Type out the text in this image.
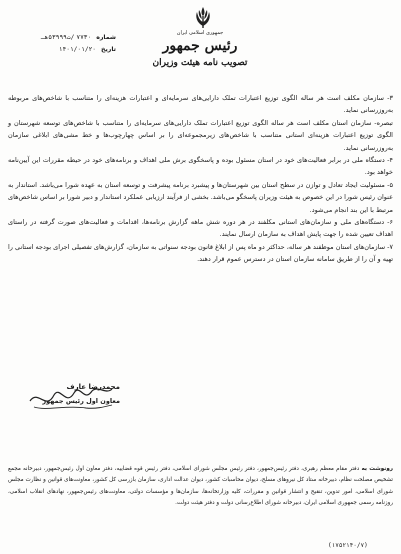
جمهوری اسلامی ایران
رئیس جمهور
تصویب نامه هیئت وزیران
شماره ۷۷۳۰ /ت۵۳۹۹۹هـ
تاریخ ۱۴۰۱/۰۱/۲۰

۳- سازمان مکلف است هر ساله الگوی توزیع اعتبارات تملک دارایی‌های سرمایه‌ای و اعتبارات هزینه‌ای را متناسب با شاخص‌های مربوطه به‌روزرسانی نماید.

تبصره- سازمان استان مکلف است هر ساله الگوی توزیع اعتبارات تملک دارایی‌های سرمایه‌ای را متناسب با شاخص‌های توسعه شهرستان و الگوی توزیع اعتبارات هزینه‌ای استانی متناسب با شاخص‌های زیرمجموعه‌ای را بر اساس چهارچوب‌ها و خط مشی‌های ابلاغی سازمان به‌روزرسانی نماید.

۴- دستگاه ملی در برابر فعالیت‌های خود در استان مسئول بوده و پاسخگوی برش ملی اهداف و برنامه‌های خود در حیطه مقررات این آیین‌نامه خواهد بود.

۵- مسئولیت ایجاد تعادل و توازن در سطح استان بین شهرستان‌ها و پیشبرد برنامه پیشرفت و توسعه استان به عهده شورا می‌باشد. استاندار به عنوان رئیس شورا در این خصوص به هیئت وزیران پاسخگو می‌باشد. بخشی از فرآیند ارزیابی عملکرد استاندار و دبیر شورا بر اساس شاخص‌های مرتبط با این بند انجام می‌شود.

۶- دستگاه‌های ملی و سازمان‌های استانی مکلفند در هر دوره شش ماهه گزارش برنامه‌ها، اقدامات و فعالیت‌های صورت گرفته در راستای اهداف تعیین شده را جهت پایش اهداف به سازمان ارسال نمایند.

۷- سازمان‌های استان موظفند هر ساله، حداکثر دو ماه پس از ابلاغ قانون بودجه سنواتی به سازمان، گزارش‌های تفصیلی اجرای بودجه استانی را تهیه و آن را از طریق سامانه سازمان استان در دسترس عموم قرار دهند.

محمدرضا عارف
معاون اول رئیس جمهور
رونوشت به دفتر مقام معظم رهبری، دفتر رئیس‌جمهور، دفتر رئیس مجلس شورای اسلامی، دفتر رئیس قوه قضاییه، دفتر معاون اول رئیس‌جمهور، دبیرخانه مجمع تشخیص مصلحت نظام، دبیرخانه ستاد کل نیروهای مسلح، دیوان محاسبات کشور، دیوان عدالت اداری، سازمان بازرسی کل کشور، معاونت‌های قوانین و نظارت مجلس شورای اسلامی، امور تدوین، تنقیح و انتشار قوانین و مقررات، کلیه وزارتخانه‌ها، سازمان‌ها و مؤسسات دولتی، معاونت‌های رئیس‌جمهور، نهادهای انقلاب اسلامی، روزنامه رسمی جمهوری اسلامی ایران، دبیرخانه شورای اطلاع‌رسانی دولت و دفتر هیئت دولت.
(۱۷۵۲۱۴۰/۷)
